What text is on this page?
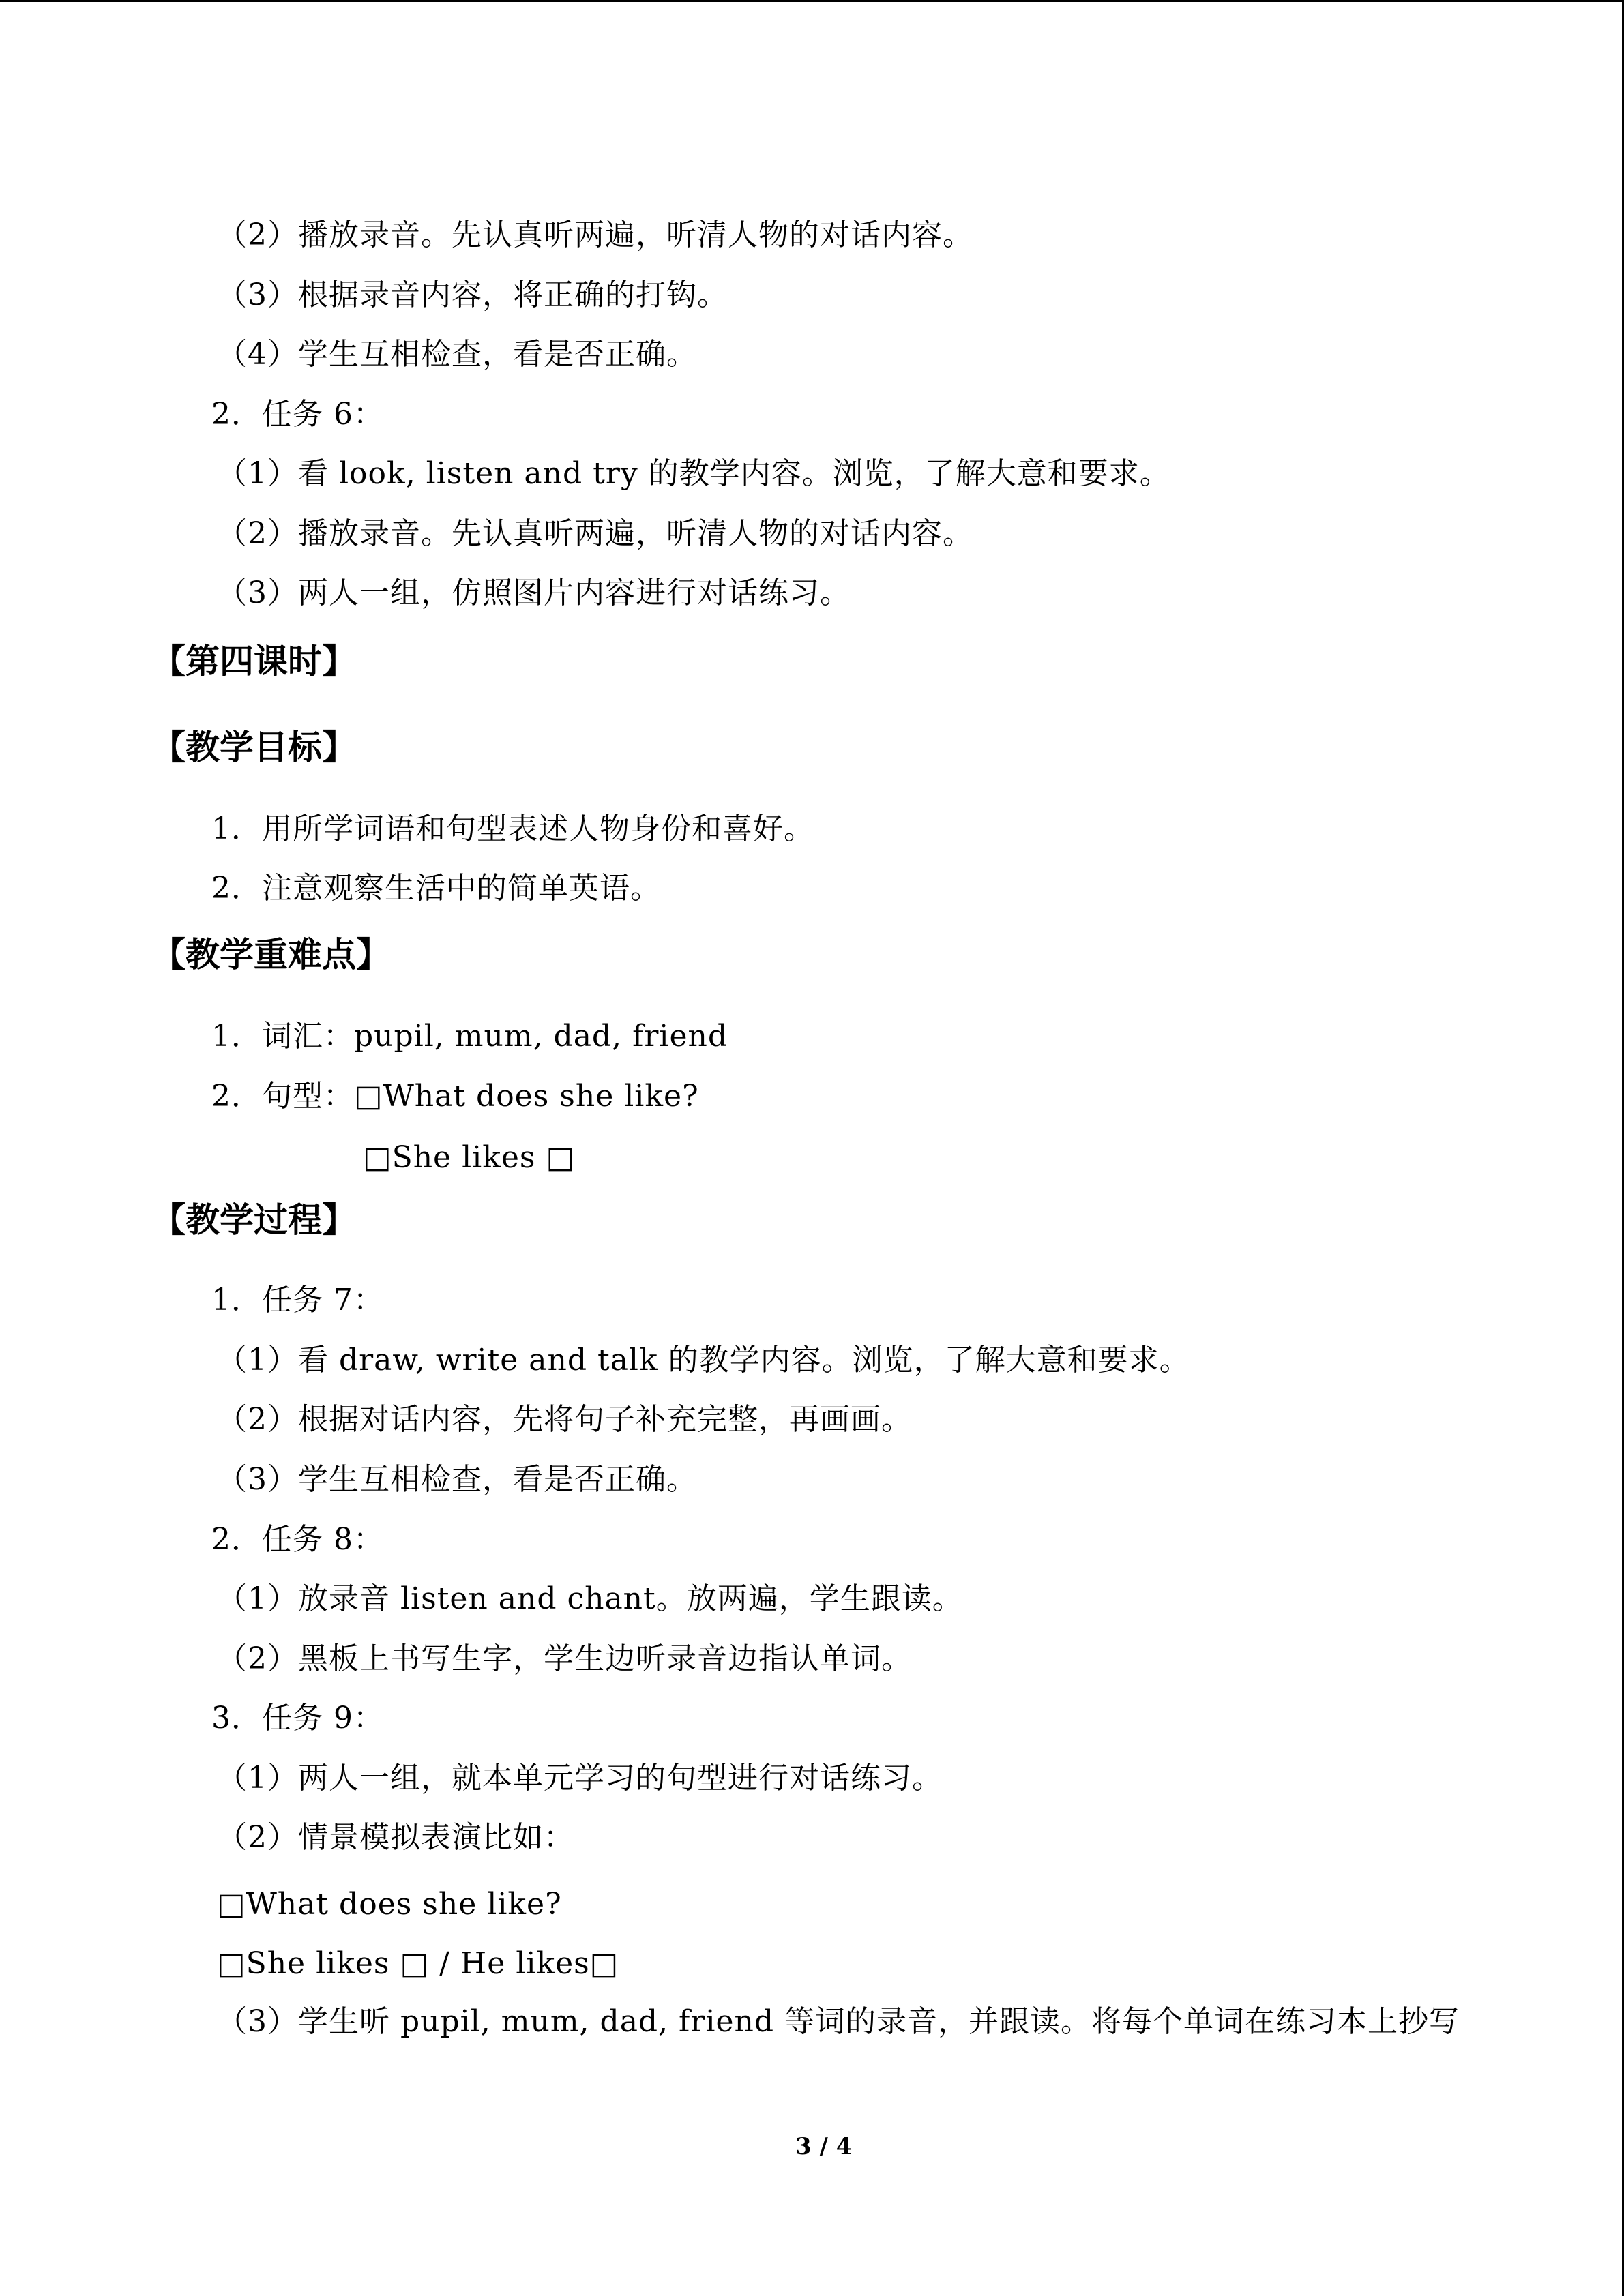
（2）播放录音。先认真听两遍，听清人物的对话内容。
（3）根据录音内容，将正确的打钩。
（4）学生互相检查，看是否正确。
2．任务 6：
（1）看 look, listen and try 的教学内容。浏览，了解大意和要求。
（2）播放录音。先认真听两遍，听清人物的对话内容。
（3）两人一组，仿照图片内容进行对话练习。
【第四课时】
【教学目标】
1．用所学词语和句型表述人物身份和喜好。
2．注意观察生活中的简单英语。
【教学重难点】
1．词汇：pupil, mum, dad, friend
2．句型：□What does she like?
□She likes □
【教学过程】
1．任务 7：
（1）看 draw, write and talk 的教学内容。浏览，了解大意和要求。
（2）根据对话内容，先将句子补充完整，再画画。
（3）学生互相检查，看是否正确。
2．任务 8：
（1）放录音 listen and chant。放两遍，学生跟读。
（2）黑板上书写生字，学生边听录音边指认单词。
3．任务 9：
（1）两人一组，就本单元学习的句型进行对话练习。
（2）情景模拟表演比如：
□What does she like?
□She likes □ / He likes□
（3）学生听 pupil, mum, dad, friend 等词的录音，并跟读。将每个单词在练习本上抄写
3 / 4
